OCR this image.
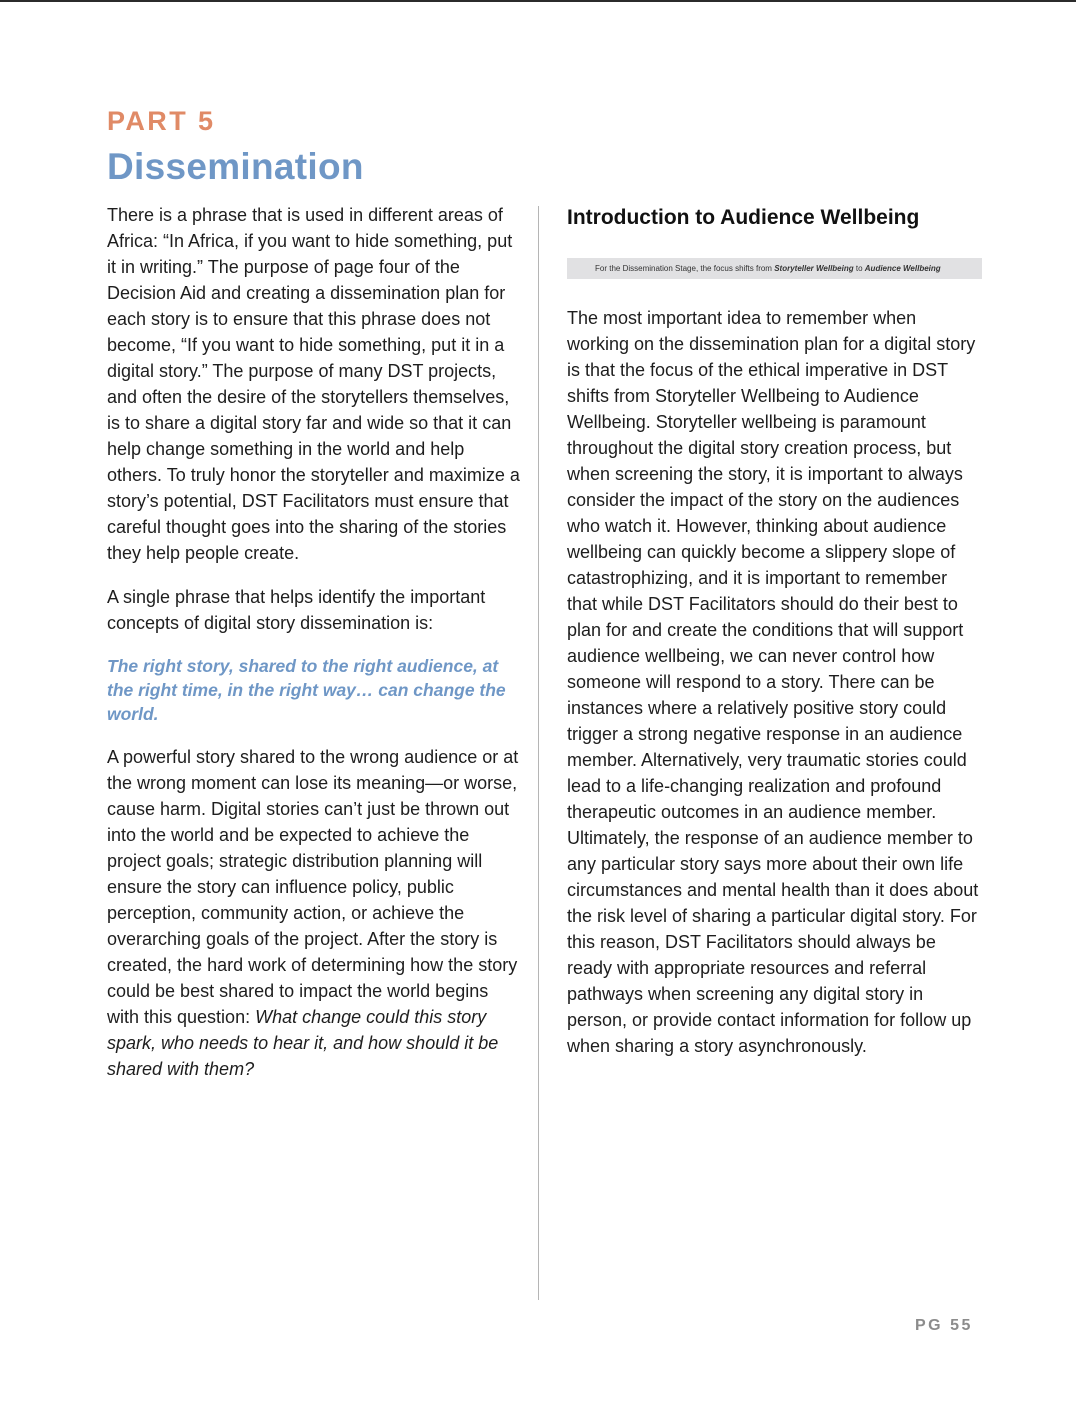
PART 5
Dissemination

There is a phrase that is used in different areas of Africa: “In Africa, if you want to hide something, put it in writing.” The purpose of page four of the Decision Aid and creating a dissemination plan for each story is to ensure that this phrase does not become, “If you want to hide something, put it in a digital story.” The purpose of many DST projects, and often the desire of the storytellers themselves, is to share a digital story far and wide so that it can help change something in the world and help others. To truly honor the storyteller and maximize a story’s potential, DST Facilitators must ensure that careful thought goes into the sharing of the stories they help people create.

A single phrase that helps identify the important concepts of digital story dissemination is:

The right story, shared to the right audience, at the right time, in the right way… can change the world.

A powerful story shared to the wrong audience or at the wrong moment can lose its meaning—or worse, cause harm. Digital stories can’t just be thrown out into the world and be expected to achieve the project goals; strategic distribution planning will ensure the story can influence policy, public perception, community action, or achieve the overarching goals of the project. After the story is created, the hard work of determining how the story could be best shared to impact the world begins with this question: What change could this story spark, who needs to hear it, and how should it be shared with them?

Introduction to Audience Wellbeing
For the Dissemination Stage, the focus shifts from Storyteller Wellbeing to Audience Wellbeing

The most important idea to remember when working on the dissemination plan for a digital story is that the focus of the ethical imperative in DST shifts from Storyteller Wellbeing to Audience Wellbeing. Storyteller wellbeing is paramount throughout the digital story creation process, but when screening the story, it is important to always consider the impact of the story on the audiences who watch it. However, thinking about audience wellbeing can quickly become a slippery slope of catastrophizing, and it is important to remember that while DST Facilitators should do their best to plan for and create the conditions that will support audience wellbeing, we can never control how someone will respond to a story. There can be instances where a relatively positive story could trigger a strong negative response in an audience member. Alternatively, very traumatic stories could lead to a life-changing realization and profound therapeutic outcomes in an audience member. Ultimately, the response of an audience member to any particular story says more about their own life circumstances and mental health than it does about the risk level of sharing a particular digital story. For this reason, DST Facilitators should always be ready with appropriate resources and referral pathways when screening any digital story in person, or provide contact information for follow up when sharing a story asynchronously.

PG 55
